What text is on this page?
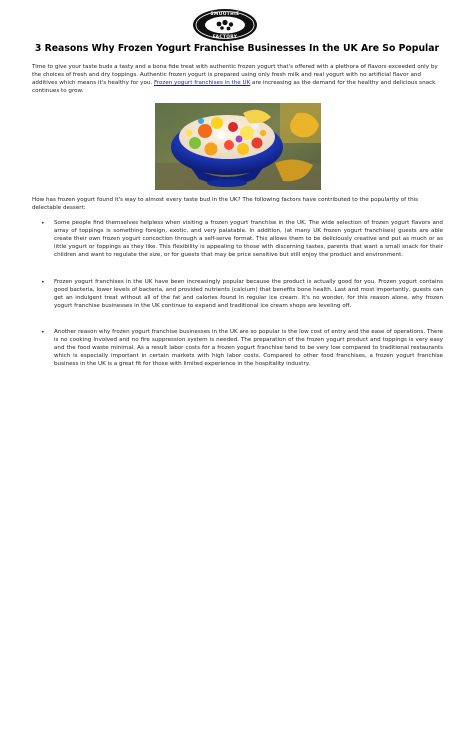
SMOOTHIE
FACTORY
3 Reasons Why Frozen Yogurt Franchise Businesses In the UK Are So Popular
Time to give your taste buds a tasty and a bona fide treat with authentic frozen yogurt that's offered with a plethora of flavors exceeded only by the choices of fresh and dry toppings. Authentic frozen yogurt is prepared using only fresh milk and real yogurt with no artificial flavor and additives which means it's healthy for you. Frozen yogurt franchises in the UK are increasing as the demand for the healthy and delicious snack continues to grow.
How has frozen yogurt found it's way to almost every taste bud in the UK? The following factors have contributed to the popularity of this delectable dessert:
• Some people find themselves helpless when visiting a frozen yogurt franchise in the UK. The wide selection of frozen yogurt flavors and array of toppings is something foreign, exotic, and very palatable. In addition, (at many UK frozen yogurt franchises) guests are able create their own frozen yogurt concoction through a self-serve format. This allows them to be deliciously creative and put as much or as little yogurt or toppings as they like. This flexibility is appealing to those with discerning tastes, parents that want a small snack for their children and want to regulate the size, or for guests that may be price sensitive but still enjoy the product and environment.
• Frozen yogurt franchises in the UK have been increasingly popular because the product is actually good for you. Frozen yogurt contains good bacteria, lower levels of bacteria, and provided nutrients (calcium) that benefits bone health. Last and most importantly, guests can get an indulgent treat without all of the fat and calories found in regular ice cream. It's no wonder, for this reason alone, why frozen yogurt franchise businesses in the UK continue to expand and traditional ice cream shops are leveling off.
• Another reason why frozen yogurt franchise businesses in the UK are so popular is the low cost of entry and the ease of operations. There is no cooking involved and no fire suppression system is needed. The preparation of the frozen yogurt product and toppings is very easy and the food waste minimal. As a result labor costs for a frozen yogurt franchise tend to be very low compared to traditional restaurants which is especially important in certain markets with high labor costs. Compared to other food franchises, a frozen yogurt franchise business in the UK is a great fit for those with limited experience in the hospitality industry.
